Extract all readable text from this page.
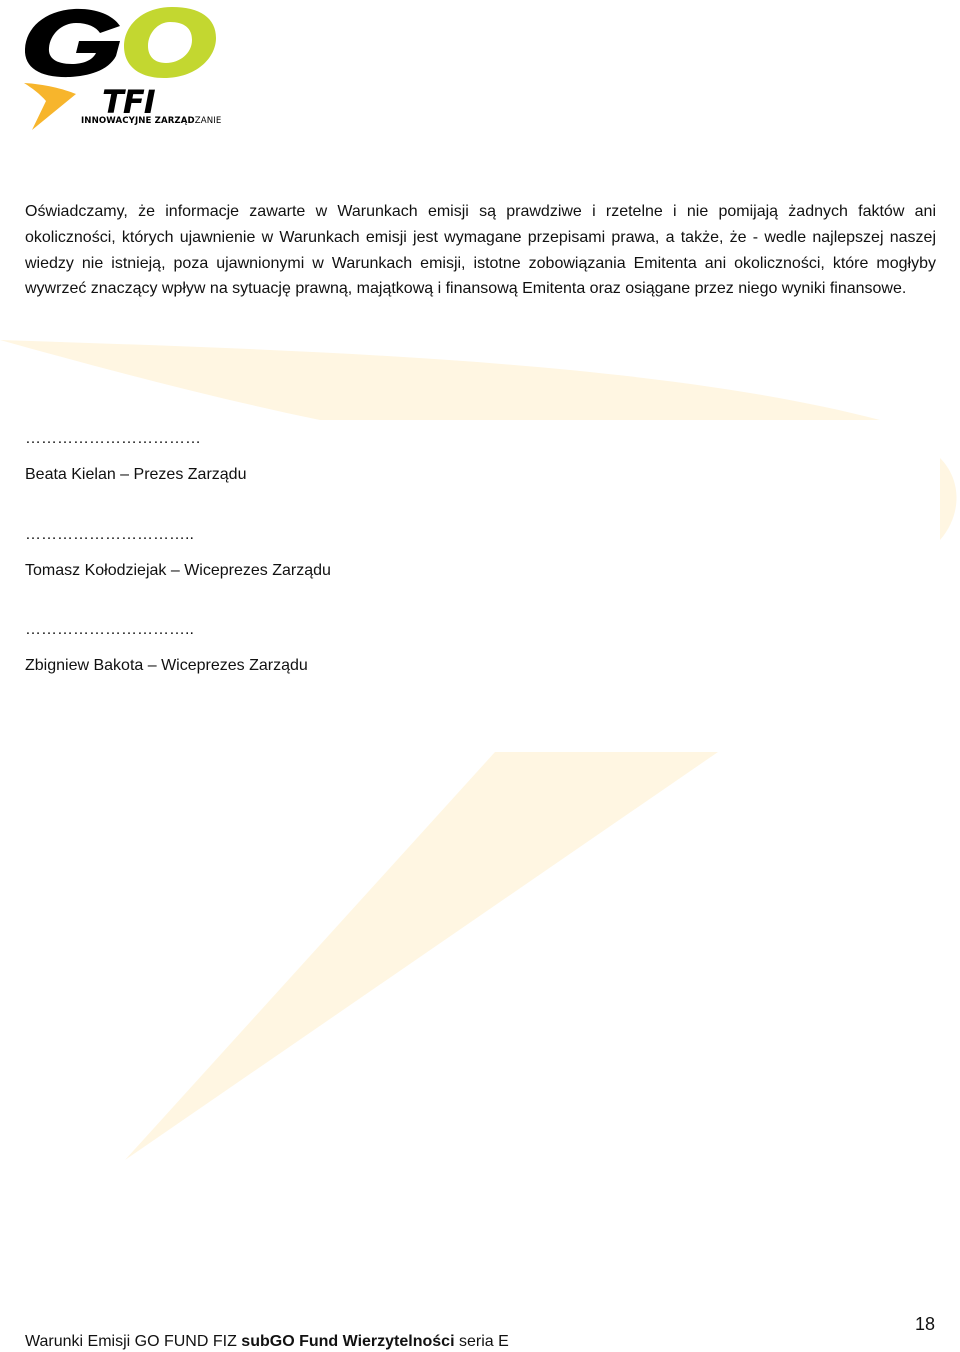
TFI
INNOWACYJNE ZARZĄDZANIE

Oświadczamy, że informacje zawarte w Warunkach emisji są prawdziwe i rzetelne i nie pomijają żadnych faktów ani okoliczności, których ujawnienie w Warunkach emisji jest wymagane przepisami prawa, a także, że - wedle najlepszej naszej wiedzy nie istnieją, poza ujawnionymi w Warunkach emisji, istotne zobowiązania Emitenta ani okoliczności, które mogłyby wywrzeć znaczący wpływ na sytuację prawną, majątkową i finansową Emitenta oraz osiągane przez niego wyniki finansowe.

……………………………

Beata Kielan – Prezes Zarządu

…………………………..

Tomasz Kołodziejak – Wiceprezes Zarządu

…………………………..

Zbigniew Bakota – Wiceprezes Zarządu

18

Warunki Emisji GO FUND FIZ subGO Fund Wierzytelności seria E
